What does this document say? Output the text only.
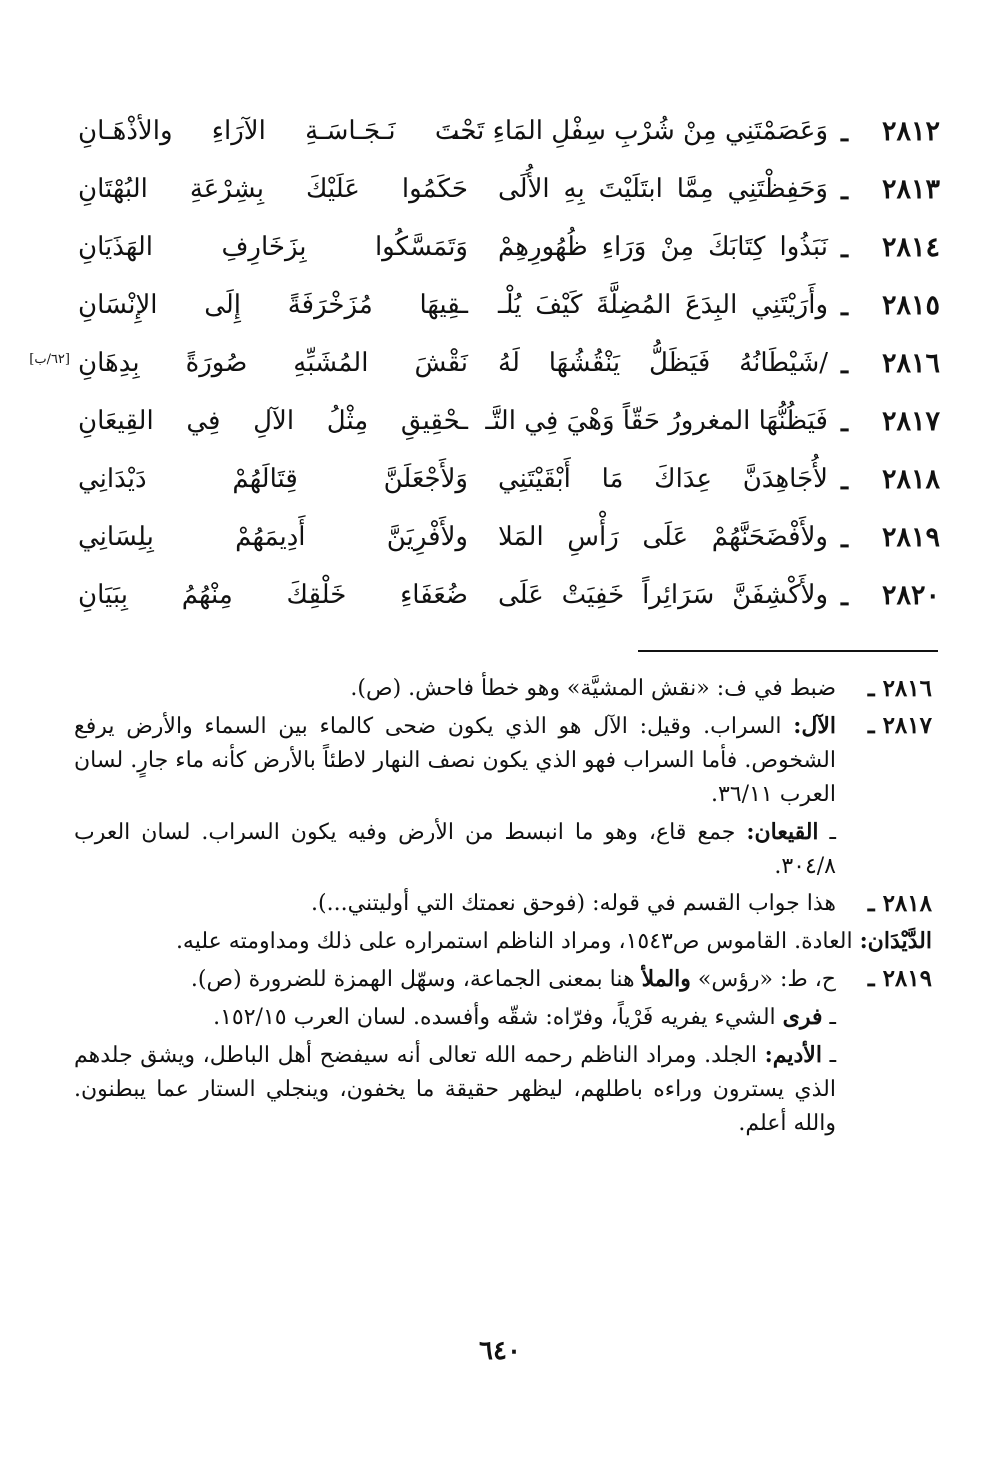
٢٨١٢
ـ
وَعَصَمْتَنِي مِنْ شُرْبِ سِفْلِ المَاءِ تَحْـ
ـتَ نَـجَـاسَـةِ الآرَاءِ والأذْهَـانِ
٢٨١٣
ـ
وَحَفِظْتَنِي مِمَّا ابتَلَيْتَ بِهِ الأُلَى
حَكَمُوا عَلَيْكَ بِشِرْعَةِ البُهْتَانِ
٢٨١٤
ـ
نَبَذُوا كِتَابَكَ مِنْ وَرَاءِ ظُهُورِهِمْ
وَتَمَسَّكُوا بِزَخَارِفِ الهَذَيَانِ
٢٨١٥
ـ
وأَرَيْتَنِي البِدَعَ المُضِلَّةَ كَيْفَ يُلْـ
ـقِيهَا مُزَخْرَفَةً إِلَى الإِنْسَانِ
٢٨١٦
ـ
/شَيْطَانُهُ فَيَظَلُّ يَنْقُشُهَا لَهُ
نَقْشَ المُشَبِّهِ صُورَةً بِدِهَانِ
٢٨١٧
ـ
فَيَظُنُّهَا المغرورُ حَقّاً وَهْيَ فِي التَّـ
ـحْقِيقِ مِثْلُ الآلِ فِي القِيعَانِ
٢٨١٨
ـ
لأُجَاهِدَنَّ عِدَاكَ مَا أَبْقَيْتَنِي
وَلأَجْعَلَنَّ قِتَالَهُمْ دَيْدَانِي
٢٨١٩
ـ
ولأَفْضَحَنَّهُمْ عَلَى رَأْسِ المَلا
ولأَفْرِيَنَّ أَدِيمَهُمْ بِلِسَانِي
٢٨٢٠
ـ
ولأَكْشِفَنَّ سَرَائِراً خَفِيَتْ عَلَى
ضُعَفَاءِ خَلْقِكَ مِنْهُمُ بِبَيَانِ
[٦٢/ب]
٢٨١٦ ـ
ضبط في ف: «نقش المشيَّة» وهو خطأ فاحش. (ص).
٢٨١٧ ـ
الآل: السراب. وقيل: الآل هو الذي يكون ضحى كالماء بين السماء والأرض يرفع الشخوص. فأما السراب فهو الذي يكون نصف النهار لاطئاً بالأرض كأنه ماء جارٍ. لسان العرب ٣٦/١١.
ـ القيعان: جمع قاع، وهو ما انبسط من الأرض وفيه يكون السراب. لسان العرب ٣٠٤/٨.
٢٨١٨ ـ
هذا جواب القسم في قوله: (فوحق نعمتك التي أوليتني...).
الدَّيْدَان: العادة. القاموس ص١٥٤٣، ومراد الناظم استمراره على ذلك ومداومته عليه.
٢٨١٩ ـ
ح، ط: «رؤس» والملأ هنا بمعنى الجماعة، وسهّل الهمزة للضرورة (ص).
ـ فرى الشيء يفريه فَرْياً، وفرّاه: شقّه وأفسده. لسان العرب ١٥٢/١٥.
ـ الأديم: الجلد. ومراد الناظم رحمه الله تعالى أنه سيفضح أهل الباطل، ويشق جلدهم الذي يسترون وراءه باطلهم، ليظهر حقيقة ما يخفون، وينجلي الستار عما يبطنون. والله أعلم.
٦٤٠
